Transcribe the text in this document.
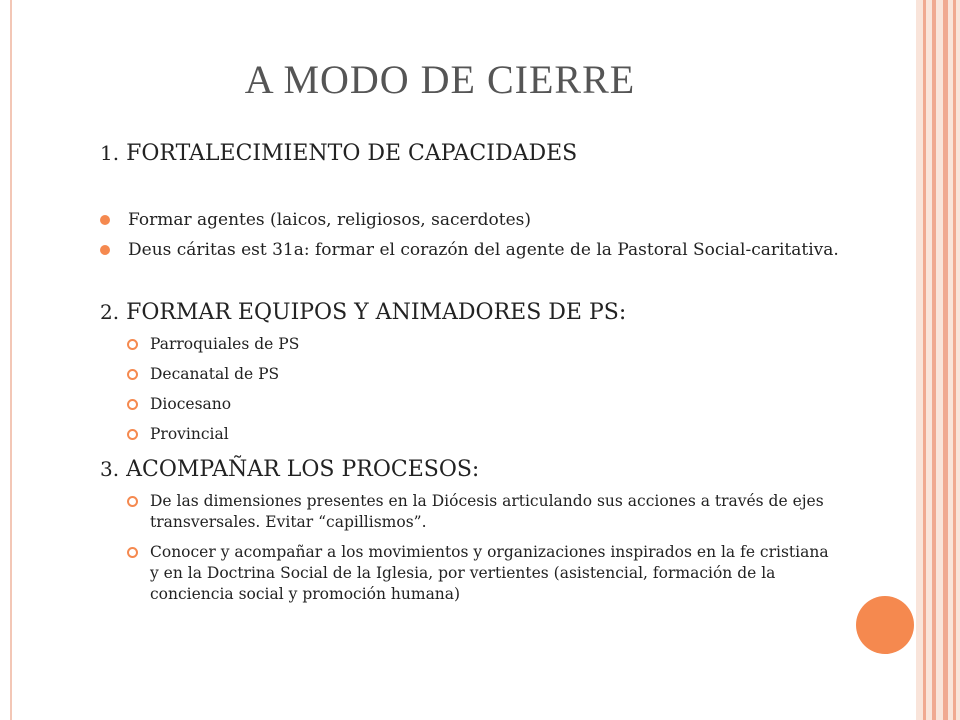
A MODO DE CIERRE

1. FORTALECIMIENTO DE CAPACIDADES

Formar agentes (laicos, religiosos, sacerdotes)
Deus cáritas est 31a: formar el corazón del agente de la Pastoral Social-caritativa.

2. FORMAR EQUIPOS Y ANIMADORES DE PS:

Parroquiales de PS
Decanatal de PS
Diocesano
Provincial

3. ACOMPAÑAR LOS PROCESOS:

De las dimensiones presentes en la Diócesis articulando sus acciones a través de ejes transversales. Evitar “capillismos”.
Conocer y acompañar a los movimientos y organizaciones inspirados en la fe cristiana y en la Doctrina Social de la Iglesia, por vertientes (asistencial, formación de la conciencia social y promoción humana)
